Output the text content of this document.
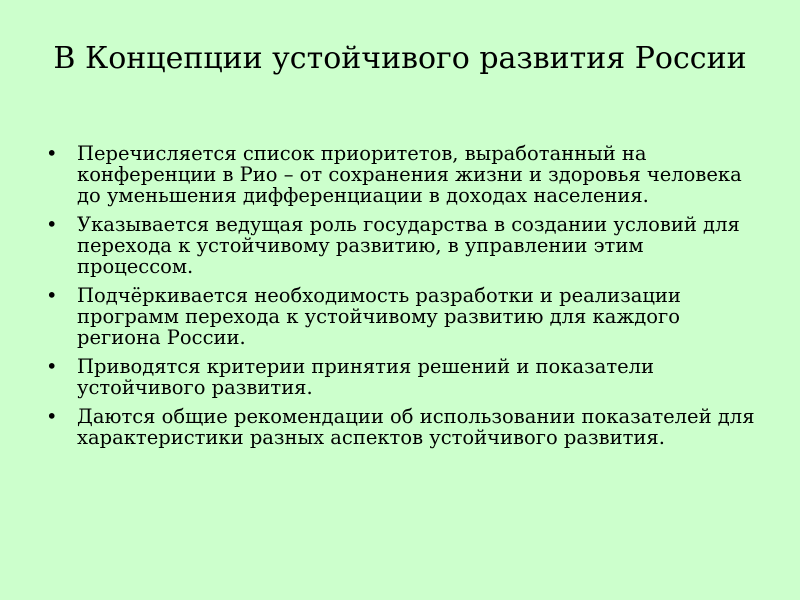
В Концепции устойчивого развития России
• Перечисляется список приоритетов, выработанный на конференции в Рио – от сохранения жизни и здоровья человека до уменьшения дифференциации в доходах населения.
• Указывается ведущая роль государства в создании условий для перехода к устойчивому развитию, в управлении этим процессом.
• Подчёркивается необходимость разработки и реализации программ перехода к устойчивому развитию для каждого региона России.
• Приводятся критерии принятия решений и показатели устойчивого развития.
• Даются общие рекомендации об использовании показателей для характеристики разных аспектов устойчивого развития.
